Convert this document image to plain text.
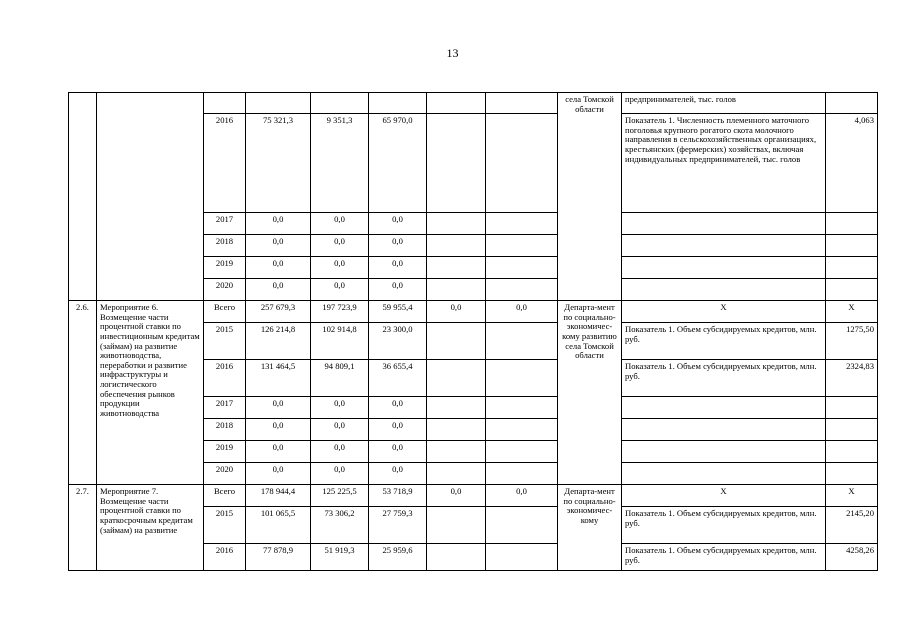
13
								села Томской области	предпринимателей, тыс. голов	
		2016	75 321,3	9 351,3	65 970,0				Показатель 1. Численность племенного маточного поголовья крупного рогатого скота молочного направления в сельскохозяйственных организациях, крестьянских (фермерских) хозяйствах, включая индивидуальных предпринимателей, тыс. голов	4,063
		2017	0,0	0,0	0,0					
		2018	0,0	0,0	0,0					
		2019	0,0	0,0	0,0					
		2020	0,0	0,0	0,0					
2.6.	Мероприятие 6. Возмещение части процентной ставки по инвестиционным кредитам (займам) на развитие животноводства, переработки и развитие инфраструктуры и логистического обеспечения рынков продукции животноводства	Всего	257 679,3	197 723,9	59 955,4	0,0	0,0	Департа-мент по социально-экономичес-кому развитию села Томской области	X	X
		2015	126 214,8	102 914,8	23 300,0				Показатель 1. Объем субсидируемых кредитов, млн. руб.	1275,50
		2016	131 464,5	94 809,1	36 655,4				Показатель 1. Объем субсидируемых кредитов, млн. руб.	2324,83
		2017	0,0	0,0	0,0					
		2018	0,0	0,0	0,0					
		2019	0,0	0,0	0,0					
		2020	0,0	0,0	0,0					
2.7.	Мероприятие 7. Возмещение части процентной ставки по краткосрочным кредитам (займам) на развитие	Всего	178 944,4	125 225,5	53 718,9	0,0	0,0	Департа-мент по социально-экономичес-кому	X	X
		2015	101 065,5	73 306,2	27 759,3				Показатель 1. Объем субсидируемых кредитов, млн. руб.	2145,20
		2016	77 878,9	51 919,3	25 959,6				Показатель 1. Объем субсидируемых кредитов, млн. руб.	4258,26
